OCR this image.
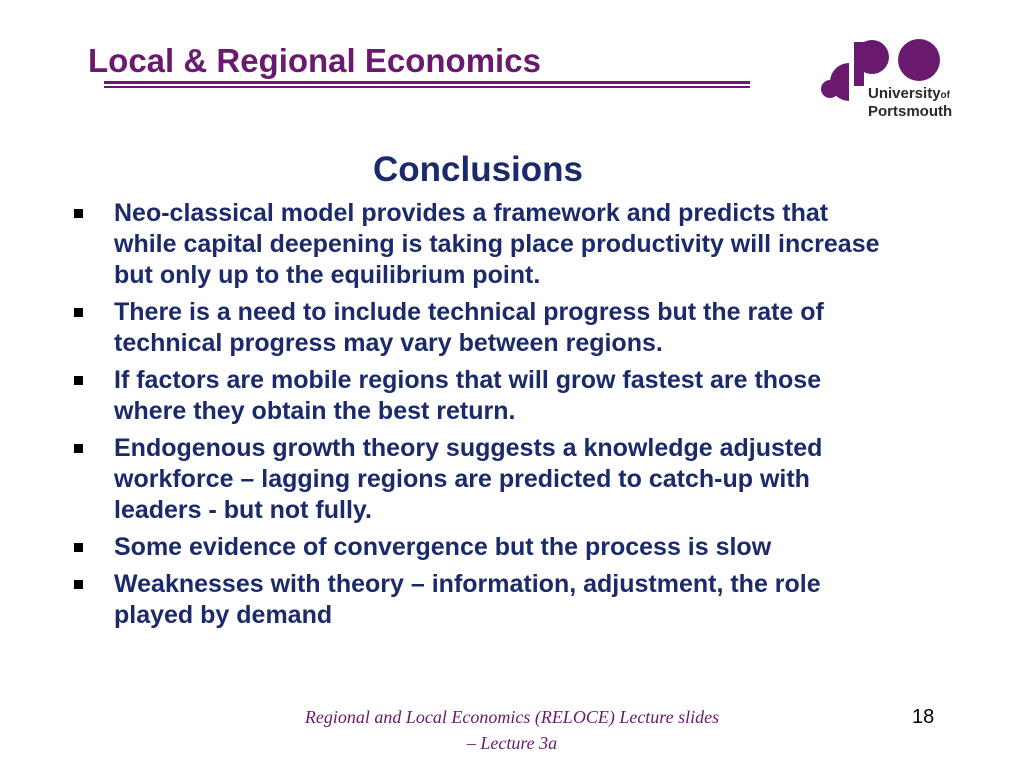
Local & Regional Economics
Universityof
Portsmouth
Conclusions
Neo-classical model provides a framework and predicts that while capital deepening is taking place productivity will increase but only up to the equilibrium point.
There is a need to include technical progress but the rate of technical progress may vary between regions.
If factors are mobile regions that will grow fastest are those where they obtain the best return.
Endogenous growth theory suggests a knowledge adjusted workforce – lagging regions are predicted to catch-up with leaders - but not fully.
Some evidence of convergence but the process is slow
Weaknesses with theory – information, adjustment, the role played by demand
Regional and Local Economics (RELOCE) Lecture slides – Lecture 3a
18
